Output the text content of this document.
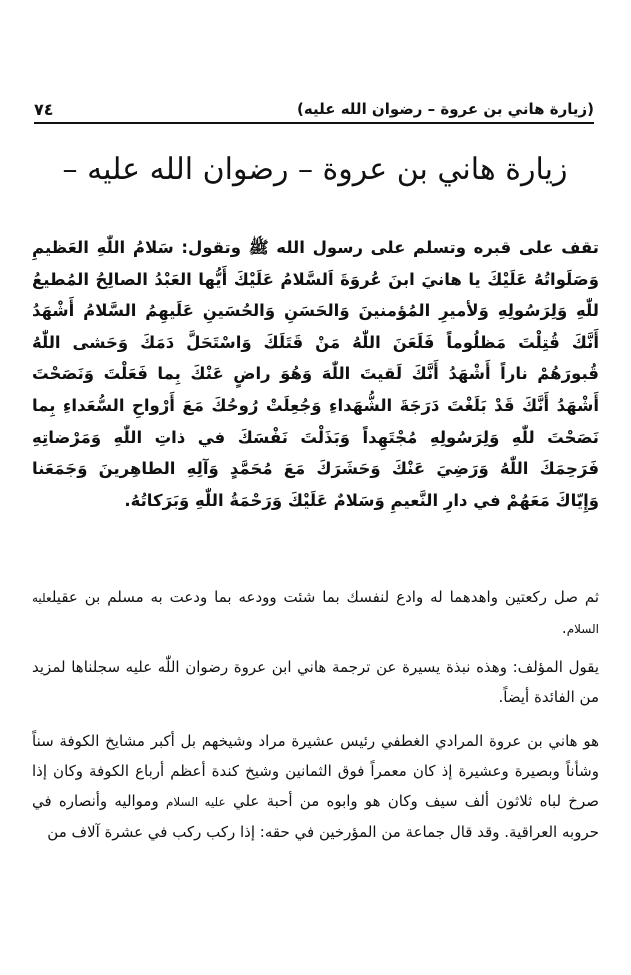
(زيارة هاني بن عروة – رضوان الله عليه)
٧٤
زيارة هاني بن عروة – رضوان الله عليه –
تقف على قبره وتسلم على رسول الله ﷺ وتقول: سَلامُ اللّٰهِ العَظيمِ وَصَلَواتُهُ عَلَيْكَ يا هانيَ ابنَ عُروَةَ اَلسَّلامُ عَلَيْكَ أَيُّها العَبْدُ الصالِحُ المُطيعُ للّٰهِ وَلِرَسُولِهِ وَلأميرِ المُؤمنينَ وَالحَسَنِ وَالحُسَينِ عَلَيهِمُ السَّلامُ أَشْهَدُ أَنَّكَ قُتِلْتَ مَظلُوماً فَلَعَنَ اللّٰهُ مَنْ قَتَلَكَ وَاسْتَحَلَّ دَمَكَ وَحَشى اللّٰهُ قُبورَهُمْ ناراً أَشْهَدُ أَنَّكَ لَقيتَ اللّٰهَ وَهُوَ راضٍ عَنْكَ بِما فَعَلْتَ وَنَصَحْتَ أَشْهَدُ أَنَّكَ قَدْ بَلَغْتَ دَرَجَةَ الشُّهَداءِ وَجُعِلَتْ رُوحُكَ مَعَ أَرْواحِ السُّعَداءِ بِما نَصَحْتَ للّٰهِ وَلِرَسُولِهِ مُجْتَهِداً وَبَذَلْتَ نَفْسَكَ في ذاتِ اللّٰهِ وَمَرْضاتِهِ فَرَحِمَكَ اللّٰهُ وَرَضِيَ عَنْكَ وَحَشَرَكَ مَعَ مُحَمَّدٍ وَآلِهِ الطاهِرينَ وَجَمَعَنا وَإِيّاكَ مَعَهُمْ في دارِ النَّعيمِ وَسَلامٌ عَلَيْكَ وَرَحْمَةُ اللّٰهِ وَبَرَكاتُهُ.
ثم صل ركعتين واهدهما له وادع لنفسك بما شئت وودعه بما ودعت به مسلم بن عقيلعليه السلام.
يقول المؤلف: وهذه نبذة يسيرة عن ترجمة هاني ابن عروة رضوان اللّٰه عليه سجلناها لمزيد من الفائدة أيضاً.
هو هاني بن عروة المرادي الغطفي رئيس عشيرة مراد وشيخهم بل أكبر مشايخ الكوفة سناً وشأناً وبصيرة وعشيرة إذ كان معمراً فوق الثمانين وشيخ كندة أعظم أرباع الكوفة وكان إذا صرخ لباه ثلاثون ألف سيف وكان هو وابوه من أحبة علي عليه السلام ومواليه وأنصاره في حروبه العراقية. وقد قال جماعة من المؤرخين في حقه: إذا ركب ركب في عشرة آلاف من
